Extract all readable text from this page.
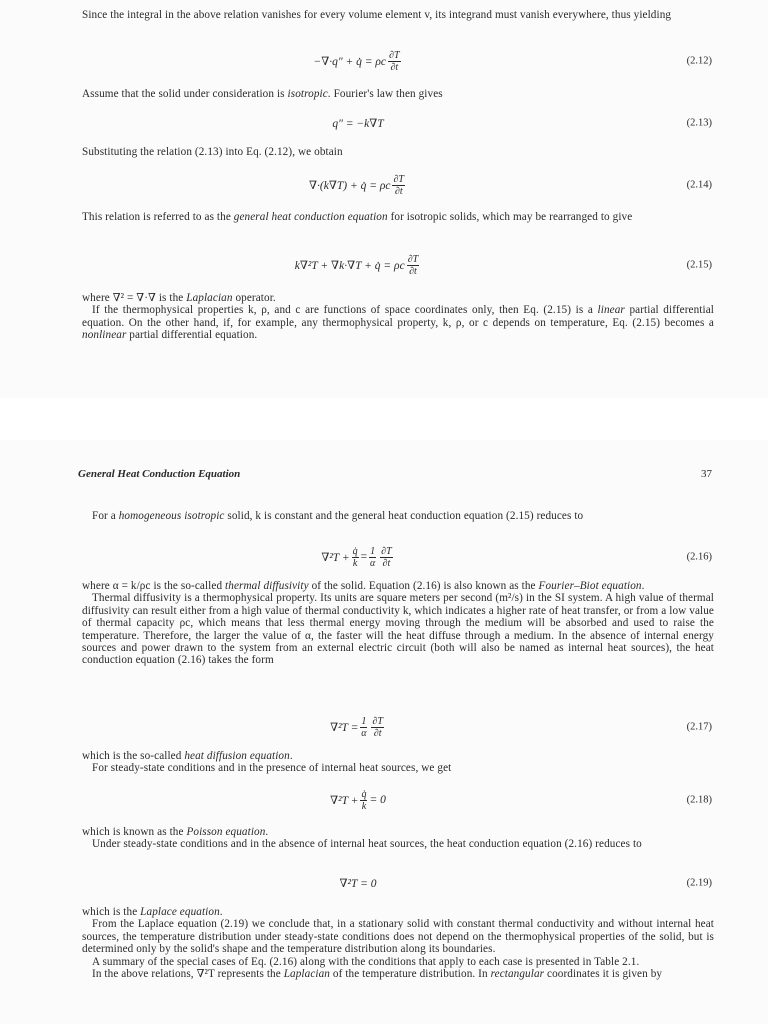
Since the integral in the above relation vanishes for every volume element v, its integrand must vanish everywhere, thus yielding

−∇·q″ + q̇ = ρc $\frac{\partial T}{\partial t}$	(2.12)

Assume that the solid under consideration is isotropic. Fourier's law then gives

q″ = −k∇T	(2.13)

Substituting the relation (2.13) into Eq. (2.12), we obtain

∇·(k∇T) + q̇ = ρc $\frac{\partial T}{\partial t}$	(2.14)

This relation is referred to as the general heat conduction equation for isotropic solids, which may be rearranged to give

k∇²T + ∇k·∇T + q̇ = ρc $\frac{\partial T}{\partial t}$	(2.15)

where ∇² = ∇·∇ is the Laplacian operator.

If the thermophysical properties k, ρ, and c are functions of space coordinates only, then Eq. (2.15) is a linear partial differential equation. On the other hand, if, for example, any thermophysical property, k, ρ, or c depends on temperature, Eq. (2.15) becomes a nonlinear partial differential equation.

General Heat Conduction Equation	37

For a homogeneous isotropic solid, k is constant and the general heat conduction equation (2.15) reduces to

$\nabla^2T + \frac{q̇}{k} = \frac{1}{\alpha} \frac{\partial T}{\partial t}$	(2.16)

where α = k/ρc is the so-called thermal diffusivity of the solid. Equation (2.16) is also known as the Fourier–Biot equation.

Thermal diffusivity is a thermophysical property. Its units are square meters per second (m²/s) in the SI system. A high value of thermal diffusivity can result either from a high value of thermal conductivity k, which indicates a higher rate of heat transfer, or from a low value of thermal capacity ρc, which means that less thermal energy moving through the medium will be absorbed and used to raise the temperature. Therefore, the larger the value of α, the faster will the heat diffuse through a medium. In the absence of internal energy sources and power drawn to the system from an external electric circuit (both will also be named as internal heat sources), the heat conduction equation (2.16) takes the form

$\nabla^2T = \frac{1}{\alpha} \frac{\partial T}{\partial t}$	(2.17)

which is the so-called heat diffusion equation.

For steady-state conditions and in the presence of internal heat sources, we get

$\nabla^2T + \frac{q̇}{k} = 0$	(2.18)

which is known as the Poisson equation.

Under steady-state conditions and in the absence of internal heat sources, the heat conduction equation (2.16) reduces to

∇²T = 0	(2.19)

which is the Laplace equation.

From the Laplace equation (2.19) we conclude that, in a stationary solid with constant thermal conductivity and without internal heat sources, the temperature distribution under steady-state conditions does not depend on the thermophysical properties of the solid, but is determined only by the solid's shape and the temperature distribution along its boundaries.

A summary of the special cases of Eq. (2.16) along with the conditions that apply to each case is presented in Table 2.1.

In the above relations, ∇²T represents the Laplacian of the temperature distribution. In rectangular coordinates it is given by
